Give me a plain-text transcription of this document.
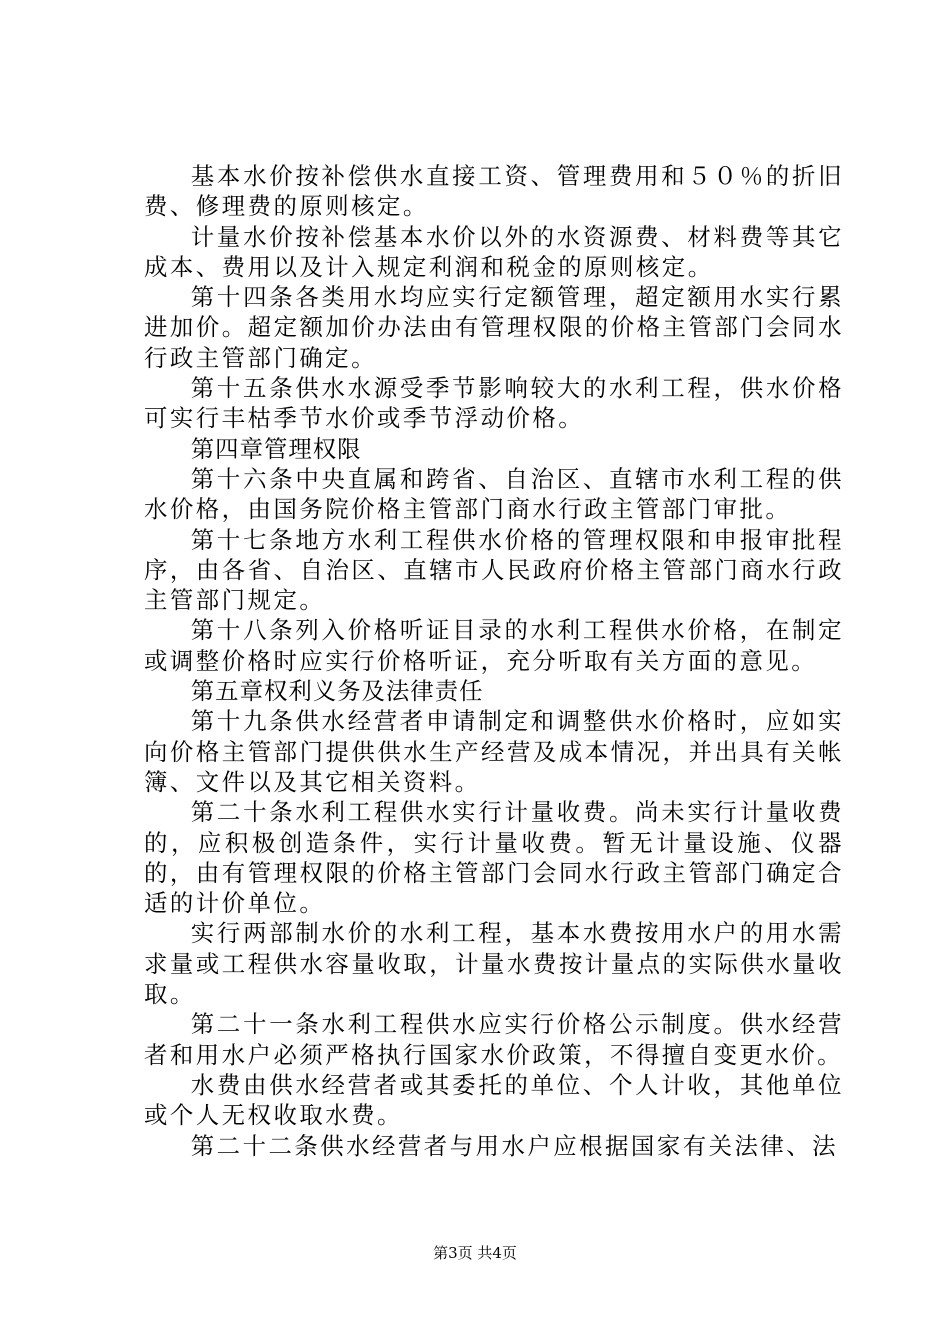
基本水价按补偿供水直接工资、管理费用和５０％的折旧费、修理费的原则核定。

计量水价按补偿基本水价以外的水资源费、材料费等其它成本、费用以及计入规定利润和税金的原则核定。

第十四条各类用水均应实行定额管理，超定额用水实行累进加价。超定额加价办法由有管理权限的价格主管部门会同水行政主管部门确定。

第十五条供水水源受季节影响较大的水利工程，供水价格可实行丰枯季节水价或季节浮动价格。

第四章管理权限

第十六条中央直属和跨省、自治区、直辖市水利工程的供水价格，由国务院价格主管部门商水行政主管部门审批。

第十七条地方水利工程供水价格的管理权限和申报审批程序，由各省、自治区、直辖市人民政府价格主管部门商水行政主管部门规定。

第十八条列入价格听证目录的水利工程供水价格，在制定或调整价格时应实行价格听证，充分听取有关方面的意见。

第五章权利义务及法律责任

第十九条供水经营者申请制定和调整供水价格时，应如实向价格主管部门提供供水生产经营及成本情况，并出具有关帐簿、文件以及其它相关资料。

第二十条水利工程供水实行计量收费。尚未实行计量收费的，应积极创造条件，实行计量收费。暂无计量设施、仪器的，由有管理权限的价格主管部门会同水行政主管部门确定合适的计价单位。

实行两部制水价的水利工程，基本水费按用水户的用水需求量或工程供水容量收取，计量水费按计量点的实际供水量收取。

第二十一条水利工程供水应实行价格公示制度。供水经营者和用水户必须严格执行国家水价政策，不得擅自变更水价。

水费由供水经营者或其委托的单位、个人计收，其他单位或个人无权收取水费。

第二十二条供水经营者与用水户应根据国家有关法律、法

第3页 共4页
